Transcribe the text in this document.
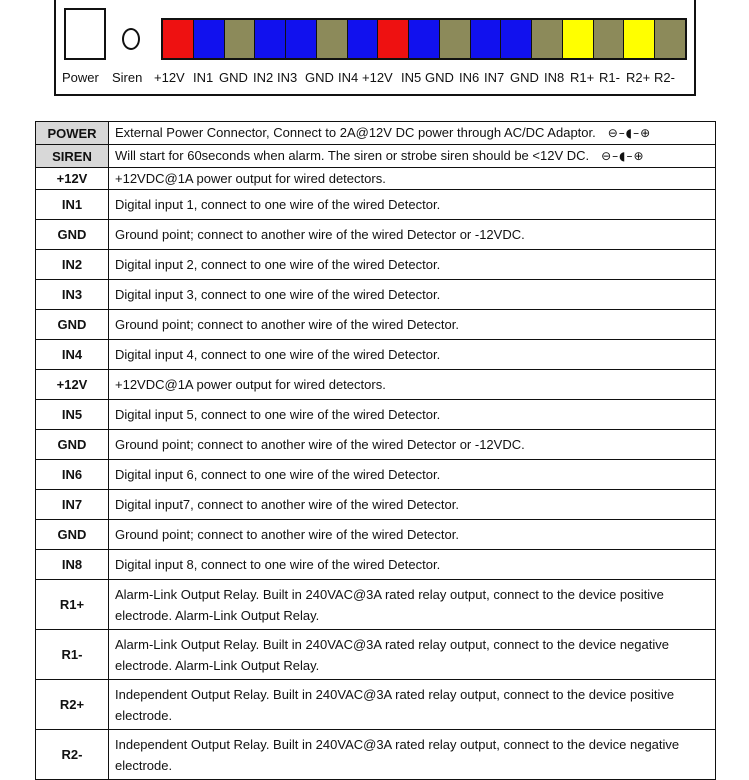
Power Siren +12V IN1 GND IN2 IN3 GND IN4 +12V IN5 GND IN6 IN7 GND IN8 R1+ R1- R2+ R2-
POWER	External Power Connector, Connect to 2A@12V DC power through AC/DC Adaptor. ⊖–◖–⊕
SIREN	Will start for 60seconds when alarm. The siren or strobe siren should be <12V DC. ⊖–◖–⊕
+12V	+12VDC@1A power output for wired detectors.
IN1	Digital input 1, connect to one wire of the wired Detector.
GND	Ground point; connect to another wire of the wired Detector or -12VDC.
IN2	Digital input 2, connect to one wire of the wired Detector.
IN3	Digital input 3, connect to one wire of the wired Detector.
GND	Ground point; connect to another wire of the wired Detector.
IN4	Digital input 4, connect to one wire of the wired Detector.
+12V	+12VDC@1A power output for wired detectors.
IN5	Digital input 5, connect to one wire of the wired Detector.
GND	Ground point; connect to another wire of the wired Detector or -12VDC.
IN6	Digital input 6, connect to one wire of the wired Detector.
IN7	Digital input7, connect to another wire of the wired Detector.
GND	Ground point; connect to another wire of the wired Detector.
IN8	Digital input 8, connect to one wire of the wired Detector.
R1+	Alarm-Link Output Relay. Built in 240VAC@3A rated relay output, connect to the device positive electrode. Alarm-Link Output Relay.
R1-	Alarm-Link Output Relay. Built in 240VAC@3A rated relay output, connect to the device negative electrode. Alarm-Link Output Relay.
R2+	Independent Output Relay. Built in 240VAC@3A rated relay output, connect to the device positive electrode.
R2-	Independent Output Relay. Built in 240VAC@3A rated relay output, connect to the device negative electrode.
